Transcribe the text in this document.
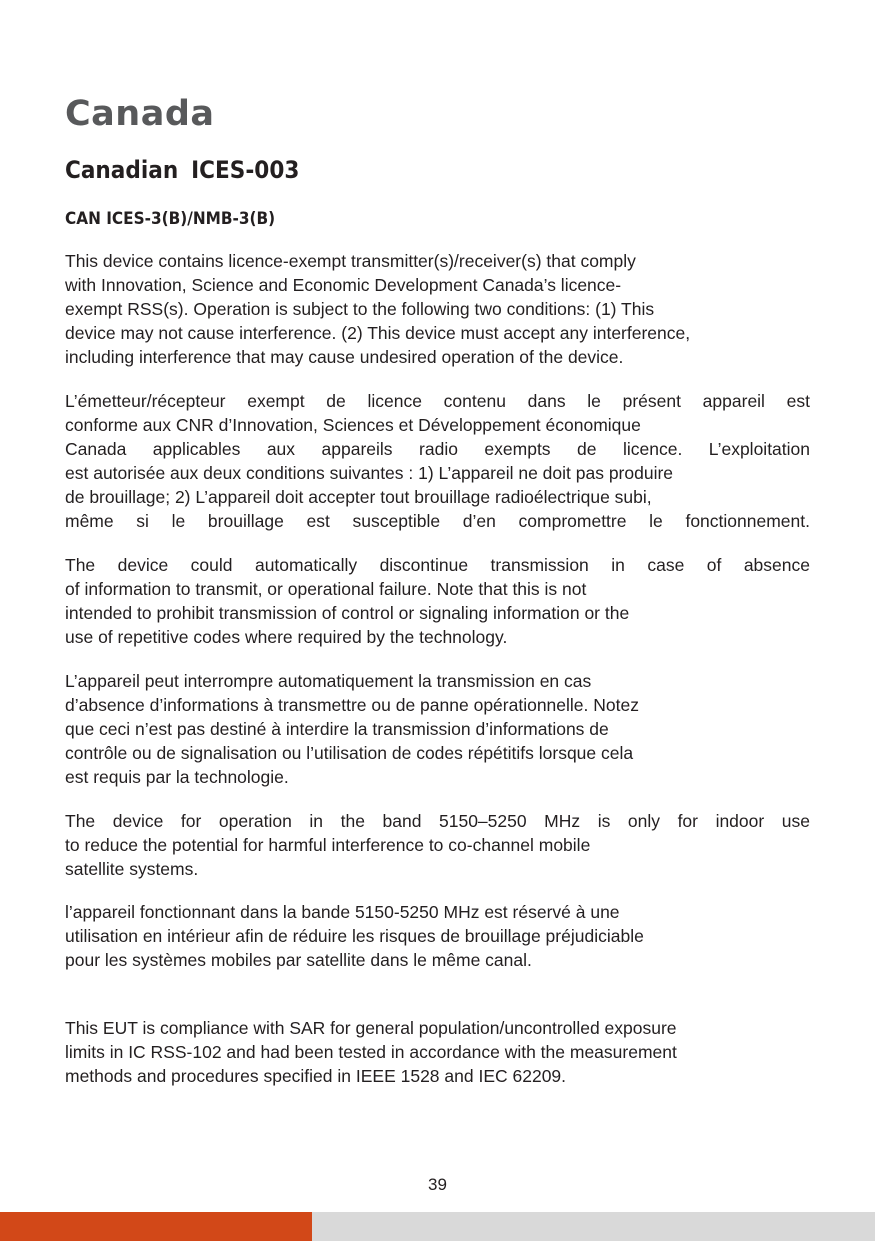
Canada
Canadian ICES-003
CAN ICES-3(B)/NMB-3(B)
This device contains licence-exempt transmitter(s)/receiver(s) that comply
with Innovation, Science and Economic Development Canada’s licence-
exempt RSS(s). Operation is subject to the following two conditions: (1) This
device may not cause interference. (2) This device must accept any interference,
including interference that may cause undesired operation of the device.
L’émetteur/récepteur exempt de licence contenu dans le présent appareil est
conforme aux CNR d’Innovation, Sciences et Développement économique
Canada applicables aux appareils radio exempts de licence. L’exploitation
est autorisée aux deux conditions suivantes : 1) L’appareil ne doit pas produire
de brouillage; 2) L’appareil doit accepter tout brouillage radioélectrique subi,
même si le brouillage est susceptible d’en compromettre le fonctionnement.
The device could automatically discontinue transmission in case of absence
of information to transmit, or operational failure. Note that this is not
intended to prohibit transmission of control or signaling information or the
use of repetitive codes where required by the technology.
L’appareil peut interrompre automatiquement la transmission en cas
d’absence d’informations à transmettre ou de panne opérationnelle. Notez
que ceci n’est pas destiné à interdire la transmission d’informations de
contrôle ou de signalisation ou l’utilisation de codes répétitifs lorsque cela
est requis par la technologie.
The device for operation in the band 5150–5250 MHz is only for indoor use
to reduce the potential for harmful interference to co-channel mobile
satellite systems.
l’appareil fonctionnant dans la bande 5150-5250 MHz est réservé à une
utilisation en intérieur afin de réduire les risques de brouillage préjudiciable
pour les systèmes mobiles par satellite dans le même canal.
This EUT is compliance with SAR for general population/uncontrolled exposure
limits in IC RSS-102 and had been tested in accordance with the measurement
methods and procedures specified in IEEE 1528 and IEC 62209.
39
